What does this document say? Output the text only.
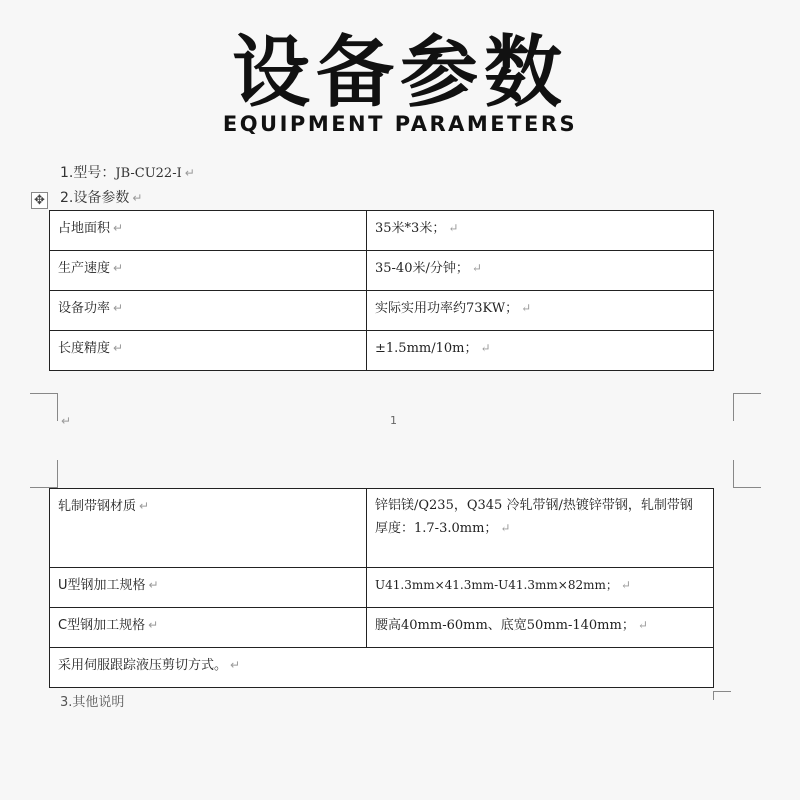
设备参数
EQUIPMENT PARAMETERS
1.型号：JB-CU22-Ⅰ ↵
✥ 2.设备参数 ↵
占地面积 ↵	35米*3米； ↵
生产速度 ↵	35-40米/分钟； ↵
设备功率 ↵	实际实用功率约73KW； ↵
长度精度 ↵	±1.5mm/10m； ↵
↵	1
轧制带钢材质 ↵	锌铝镁/Q235，Q345 冷轧带钢/热镀锌带钢，轧制带钢厚度：1.7-3.0mm； ↵
U型钢加工规格 ↵	U41.3mm×41.3mm-U41.3mm×82mm； ↵
C型钢加工规格 ↵	腰高40mm-60mm、底宽50mm-140mm； ↵
采用伺服跟踪液压剪切方式。 ↵	
3.其他说明
